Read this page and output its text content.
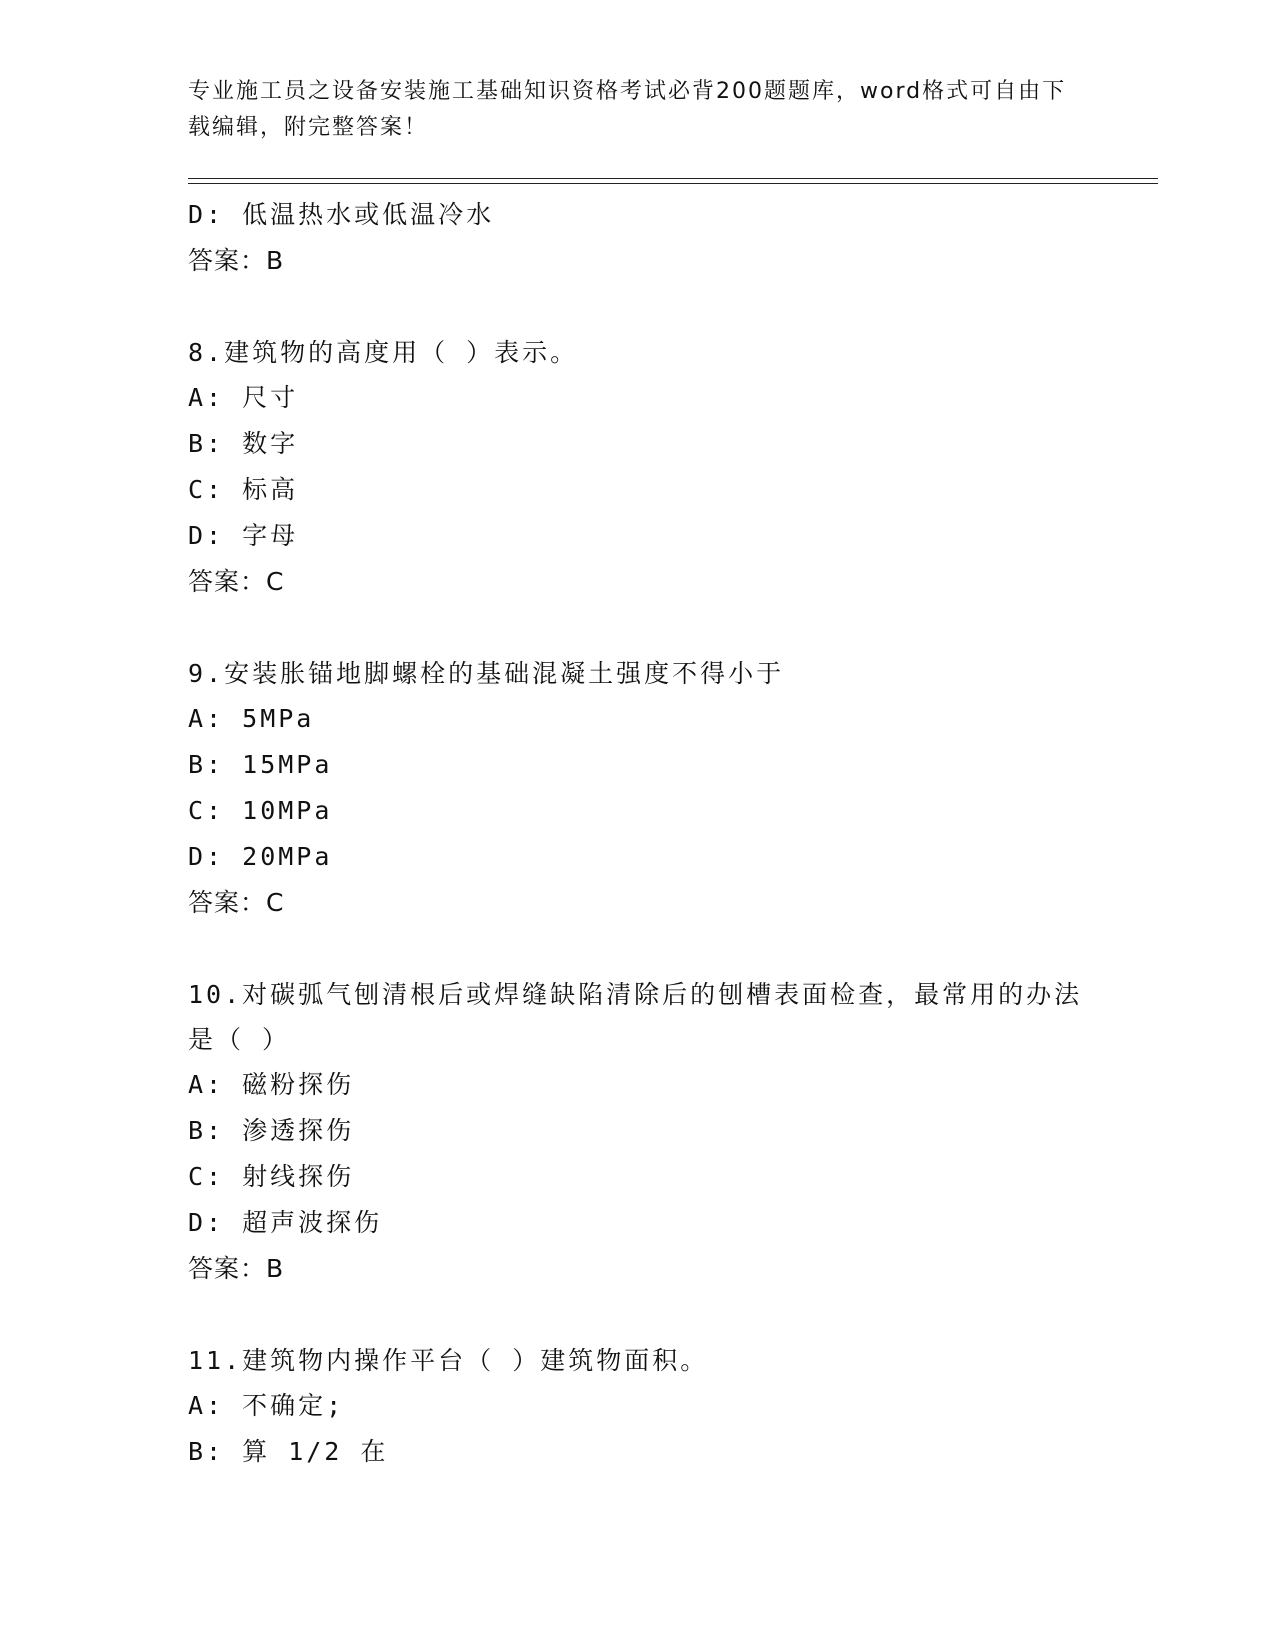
专业施工员之设备安装施工基础知识资格考试必背200题题库，word格式可自由下载编辑，附完整答案！
D: 低温热水或低温冷水
答案：B
8.建筑物的高度用（ ）表示。
A: 尺寸
B: 数字
C: 标高
D: 字母
答案：C
9.安装胀锚地脚螺栓的基础混凝土强度不得小于
A: 5MPa
B: 15MPa
C: 10MPa
D: 20MPa
答案：C
10.对碳弧气刨清根后或焊缝缺陷清除后的刨槽表面检查，最常用的办法是（ ）
A: 磁粉探伤
B: 渗透探伤
C: 射线探伤
D: 超声波探伤
答案：B
11.建筑物内操作平台（ ）建筑物面积。
A: 不确定;
B: 算 1/2 在
